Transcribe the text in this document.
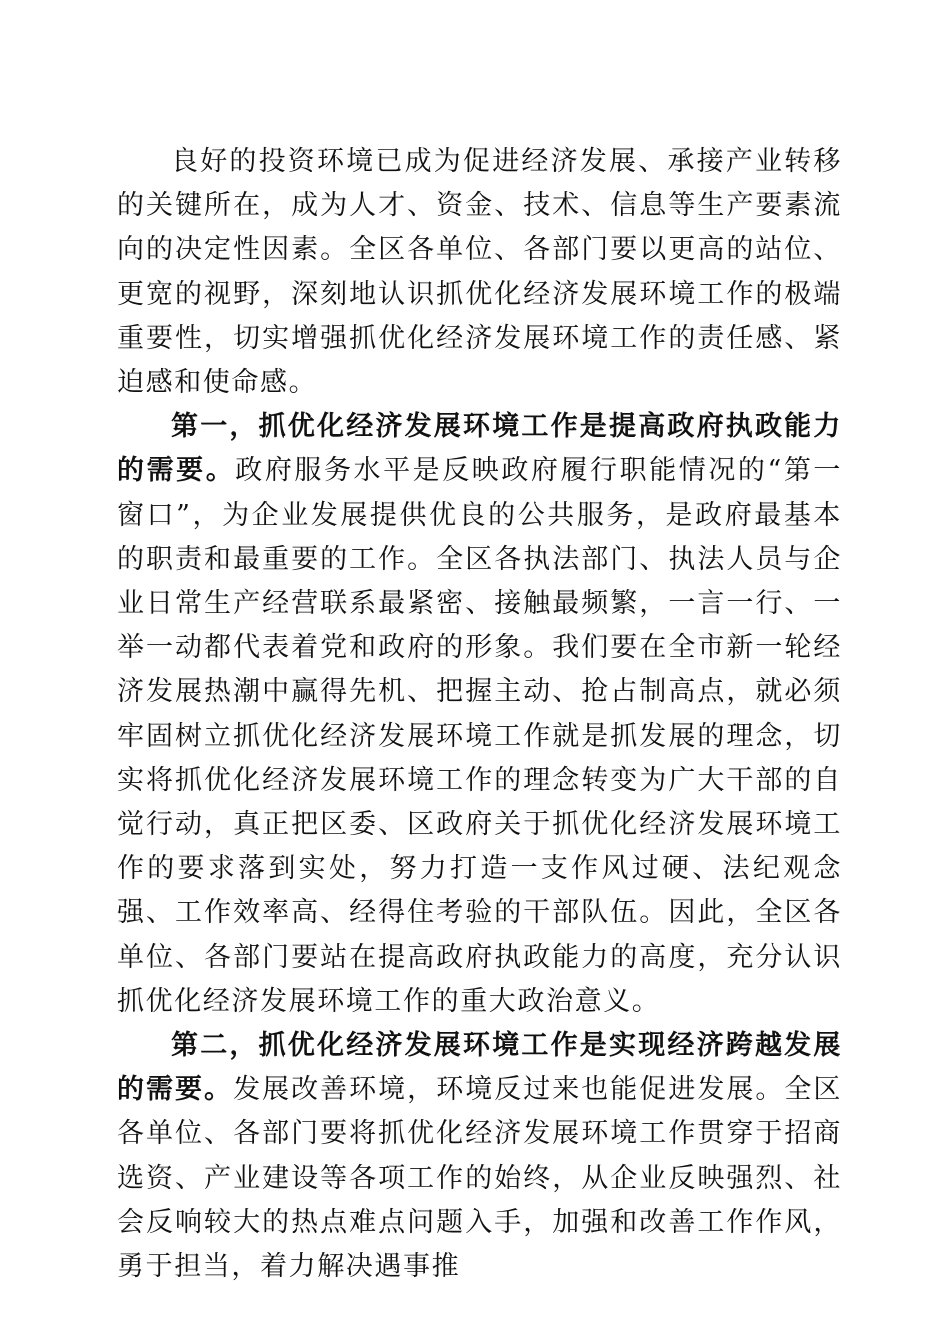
良好的投资环境已成为促进经济发展、承接产业转移的关键所在，成为人才、资金、技术、信息等生产要素流向的决定性因素。全区各单位、各部门要以更高的站位、更宽的视野，深刻地认识抓优化经济发展环境工作的极端重要性，切实增强抓优化经济发展环境工作的责任感、紧迫感和使命感。

第一，抓优化经济发展环境工作是提高政府执政能力的需要。政府服务水平是反映政府履行职能情况的“第一窗口”，为企业发展提供优良的公共服务，是政府最基本的职责和最重要的工作。全区各执法部门、执法人员与企业日常生产经营联系最紧密、接触最频繁，一言一行、一举一动都代表着党和政府的形象。我们要在全市新一轮经济发展热潮中赢得先机、把握主动、抢占制高点，就必须牢固树立抓优化经济发展环境工作就是抓发展的理念，切实将抓优化经济发展环境工作的理念转变为广大干部的自觉行动，真正把区委、区政府关于抓优化经济发展环境工作的要求落到实处，努力打造一支作风过硬、法纪观念强、工作效率高、经得住考验的干部队伍。因此，全区各单位、各部门要站在提高政府执政能力的高度，充分认识抓优化经济发展环境工作的重大政治意义。

第二，抓优化经济发展环境工作是实现经济跨越发展的需要。发展改善环境，环境反过来也能促进发展。全区各单位、各部门要将抓优化经济发展环境工作贯穿于招商选资、产业建设等各项工作的始终，从企业反映强烈、社会反响较大的热点难点问题入手，加强和改善工作作风，勇于担当，着力解决遇事推
